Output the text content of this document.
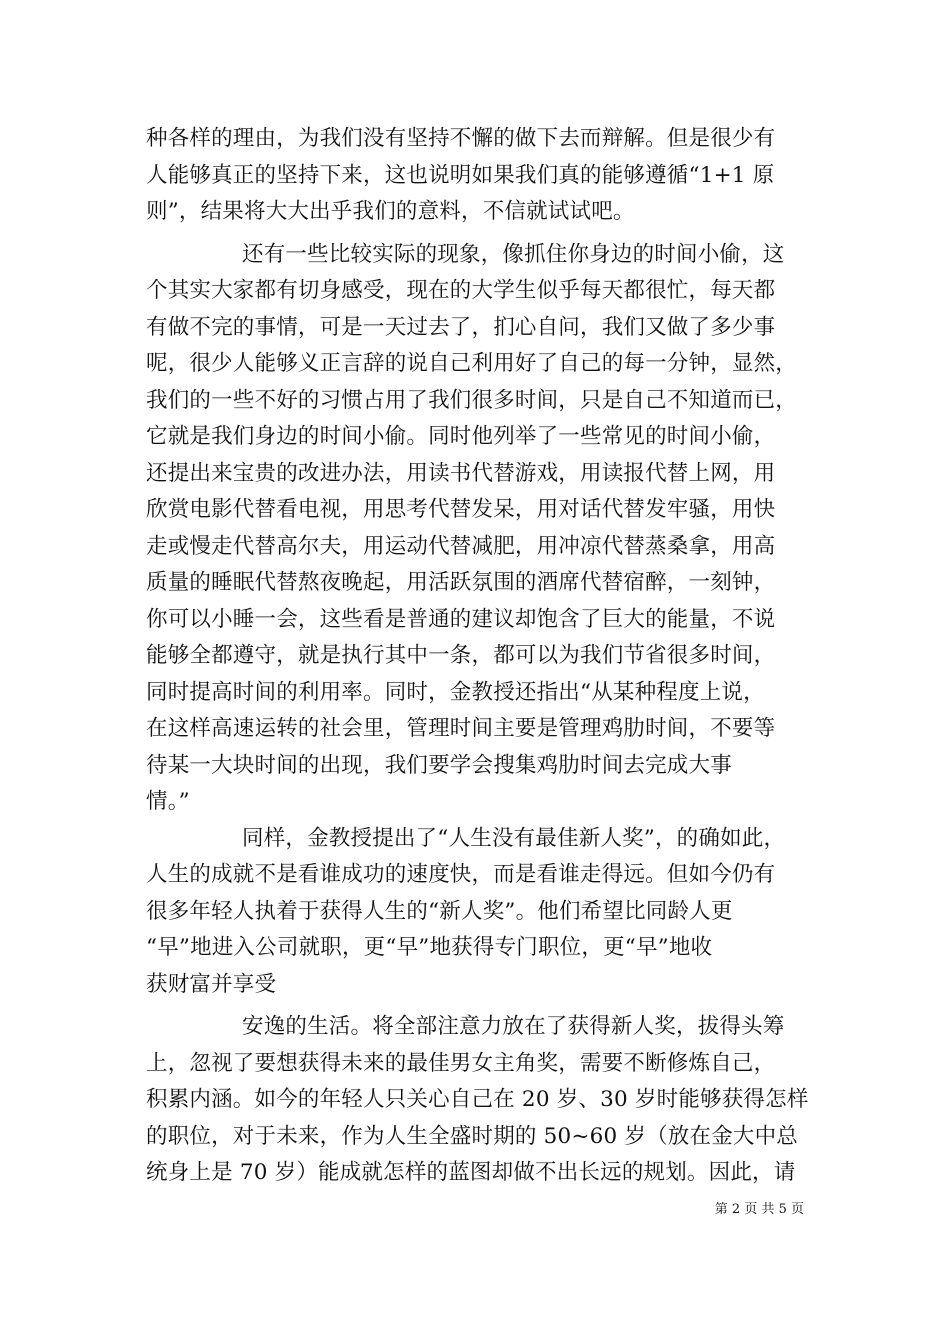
种各样的理由，为我们没有坚持不懈的做下去而辩解。但是很少有
人能够真正的坚持下来，这也说明如果我们真的能够遵循“1+1 原
则”，结果将大大出乎我们的意料，不信就试试吧。
还有一些比较实际的现象，像抓住你身边的时间小偷，这
个其实大家都有切身感受，现在的大学生似乎每天都很忙，每天都
有做不完的事情，可是一天过去了，扪心自问，我们又做了多少事
呢，很少人能够义正言辞的说自己利用好了自己的每一分钟，显然，
我们的一些不好的习惯占用了我们很多时间，只是自己不知道而已，
它就是我们身边的时间小偷。同时他列举了一些常见的时间小偷，
还提出来宝贵的改进办法，用读书代替游戏，用读报代替上网，用
欣赏电影代替看电视，用思考代替发呆，用对话代替发牢骚，用快
走或慢走代替高尔夫，用运动代替减肥，用冲凉代替蒸桑拿，用高
质量的睡眠代替熬夜晚起，用活跃氛围的酒席代替宿醉，一刻钟，
你可以小睡一会，这些看是普通的建议却饱含了巨大的能量，不说
能够全都遵守，就是执行其中一条，都可以为我们节省很多时间，
同时提高时间的利用率。同时，金教授还指出“从某种程度上说，
在这样高速运转的社会里，管理时间主要是管理鸡肋时间，不要等
待某一大块时间的出现，我们要学会搜集鸡肋时间去完成大事
情。”
同样，金教授提出了“人生没有最佳新人奖”，的确如此，
人生的成就不是看谁成功的速度快，而是看谁走得远。但如今仍有
很多年轻人执着于获得人生的“新人奖”。他们希望比同龄人更
“早”地进入公司就职，更“早”地获得专门职位，更“早”地收
获财富并享受
安逸的生活。将全部注意力放在了获得新人奖，拔得头筹
上，忽视了要想获得未来的最佳男女主角奖，需要不断修炼自己，
积累内涵。如今的年轻人只关心自己在 20 岁、30 岁时能够获得怎样
的职位，对于未来，作为人生全盛时期的 50~60 岁（放在金大中总
统身上是 70 岁）能成就怎样的蓝图却做不出长远的规划。因此，请
第 2 页 共 5 页
